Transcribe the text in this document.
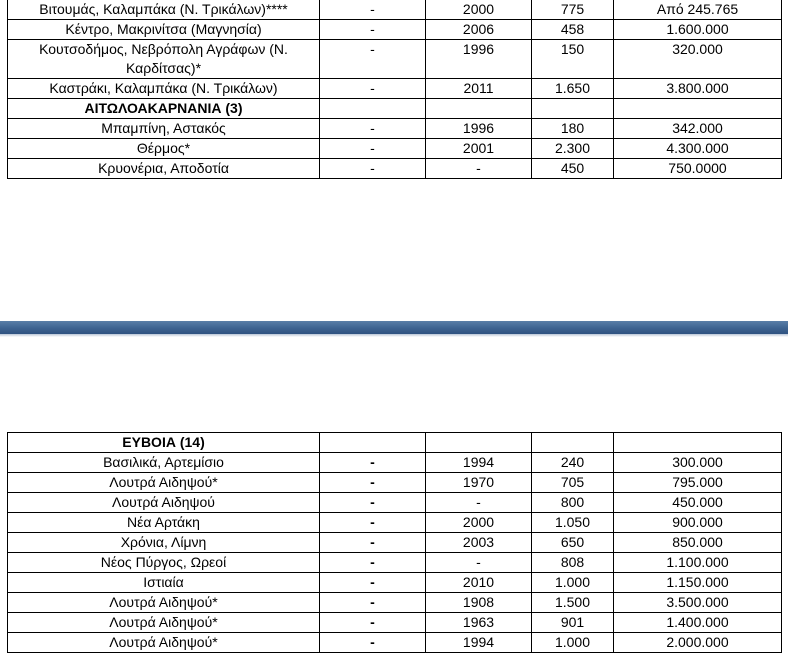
Βιτουμάς, Καλαμπάκα (Ν. Τρικάλων)****	-	2000	775	Από 245.765
Κέντρο, Μακρινίτσα (Μαγνησία)	-	2006	458	1.600.000
Κουτσοδήμος, Νεβρόπολη Αγράφων (Ν. Καρδίτσας)*	-	1996	150	320.000
Καστράκι, Καλαμπάκα (Ν. Τρικάλων)	-	2011	1.650	3.800.000
ΑΙΤΩΛΟΑΚΑΡΝΑΝΙΑ (3)				
Μπαμπίνη, Αστακός	-	1996	180	342.000
Θέρμος*	-	2001	2.300	4.300.000
Κρυονέρια, Αποδοτία	-	-	450	750.0000
ΕΥΒΟΙΑ (14)				
Βασιλικά, Αρτεμίσιο	-	1994	240	300.000
Λουτρά Αιδηψού*	-	1970	705	795.000
Λουτρά Αιδηψού	-	-	800	450.000
Νέα Αρτάκη	-	2000	1.050	900.000
Χρόνια, Λίμνη	-	2003	650	850.000
Νέος Πύργος, Ωρεοί	-	-	808	1.100.000
Ιστιαία	-	2010	1.000	1.150.000
Λουτρά Αιδηψού*	-	1908	1.500	3.500.000
Λουτρά Αιδηψού*	-	1963	901	1.400.000
Λουτρά Αιδηψού*	-	1994	1.000	2.000.000
